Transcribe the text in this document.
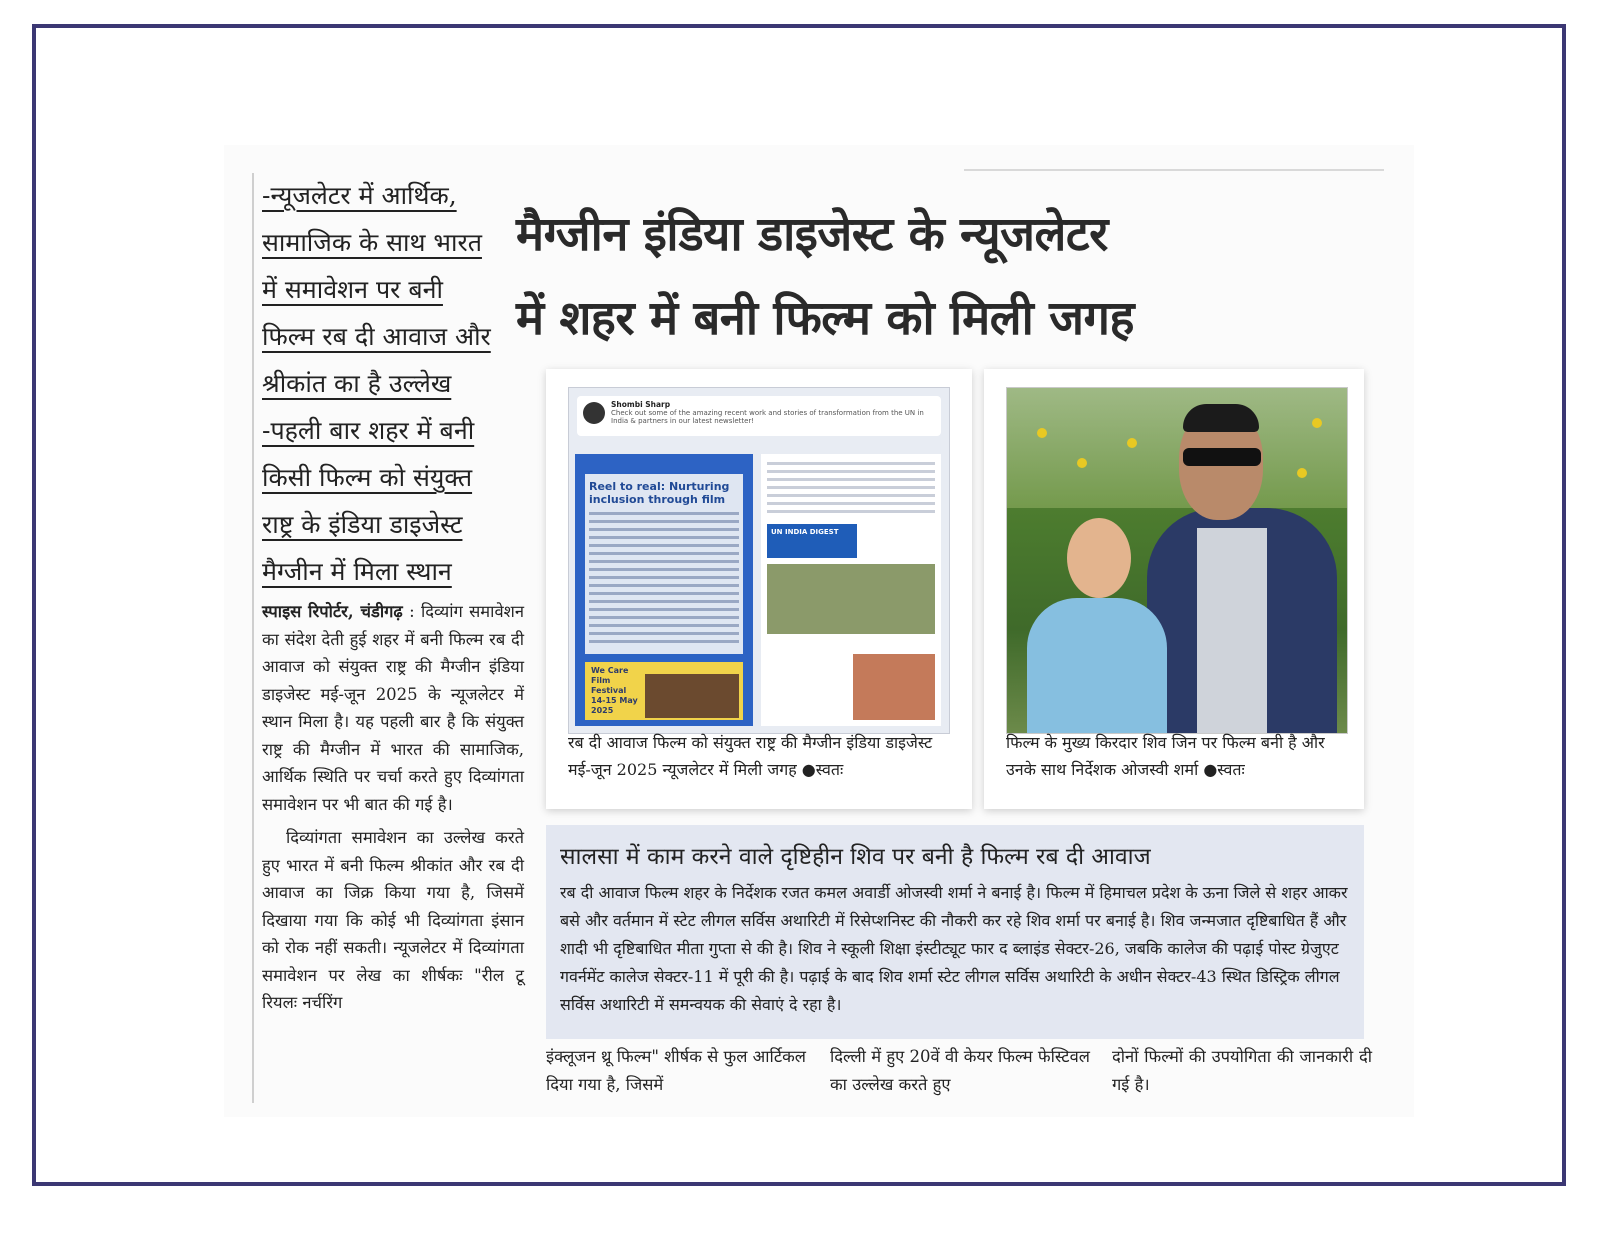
-न्यूजलेटर में आर्थिक,

सामाजिक के साथ भारत

में समावेशन पर बनी

फिल्म रब दी आवाज और

श्रीकांत का है उल्लेख

-पहली बार शहर में बनी

किसी फिल्म को संयुक्त

राष्ट्र के इंडिया डाइजेस्ट

मैग्जीन में मिला स्थान

स्पाइस रिपोर्टर, चंडीगढ़ : दिव्यांग समावेशन का संदेश देती हुई शहर में बनी फिल्म रब दी आवाज को संयुक्त राष्ट्र की मैग्जीन इंडिया डाइजेस्ट मई-जून 2025 के न्यूजलेटर में स्थान मिला है। यह पहली बार है कि संयुक्त राष्ट्र की मैग्जीन में भारत की सामाजिक, आर्थिक स्थिति पर चर्चा करते हुए दिव्यांगता समावेशन पर भी बात की गई है।

दिव्यांगता समावेशन का उल्लेख करते हुए भारत में बनी फिल्म श्रीकांत और रब दी आवाज का जिक्र किया गया है, जिसमें दिखाया गया कि कोई भी दिव्यांगता इंसान को रोक नहीं सकती। न्यूजलेटर में दिव्यांगता समावेशन पर लेख का शीर्षकः "रील टू रियलः नर्चरिंग

मैग्जीन इंडिया डाइजेस्ट के न्यूजलेटर
में शहर में बनी फिल्म को मिली जगह
Shombi Sharp
Check out some of the amazing recent work and stories of transformation from the UN in India & partners in our latest newsletter!
Reel to real: Nurturing inclusion through film
We Care Film Festival 14-15 May 2025
UN INDIA DIGEST
रब दी आवाज फिल्म को संयुक्त राष्ट्र की मैग्जीन इंडिया डाइजेस्ट मई-जून 2025 न्यूजलेटर में मिली जगह ●स्वतः
फिल्म के मुख्य किरदार शिव जिन पर फिल्म बनी है और उनके साथ निर्देशक ओजस्वी शर्मा ●स्वतः
सालसा में काम करने वाले दृष्टिहीन शिव पर बनी है फिल्म रब दी आवाज
रब दी आवाज फिल्म शहर के निर्देशक रजत कमल अवार्डी ओजस्वी शर्मा ने बनाई है। फिल्म में हिमाचल प्रदेश के ऊना जिले से शहर आकर बसे और वर्तमान में स्टेट लीगल सर्विस अथारिटी में रिसेप्शनिस्ट की नौकरी कर रहे शिव शर्मा पर बनाई है। शिव जन्मजात दृष्टिबाधित हैं और शादी भी दृष्टिबाधित मीता गुप्ता से की है। शिव ने स्कूली शिक्षा इंस्टीट्यूट फार द ब्लाइंड सेक्टर-26, जबकि कालेज की पढ़ाई पोस्ट ग्रेजुएट गवर्नमेंट कालेज सेक्टर-11 में पूरी की है। पढ़ाई के बाद शिव शर्मा स्टेट लीगल सर्विस अथारिटी के अधीन सेक्टर-43 स्थित डिस्ट्रिक लीगल सर्विस अथारिटी में समन्वयक की सेवाएं दे रहा है।
इंक्लूजन थ्रू फिल्म" शीर्षक से फुल आर्टिकल दिया गया है, जिसमें
दिल्ली में हुए 20वें वी केयर फिल्म फेस्टिवल का उल्लेख करते हुए
दोनों फिल्मों की उपयोगिता की जानकारी दी गई है।
